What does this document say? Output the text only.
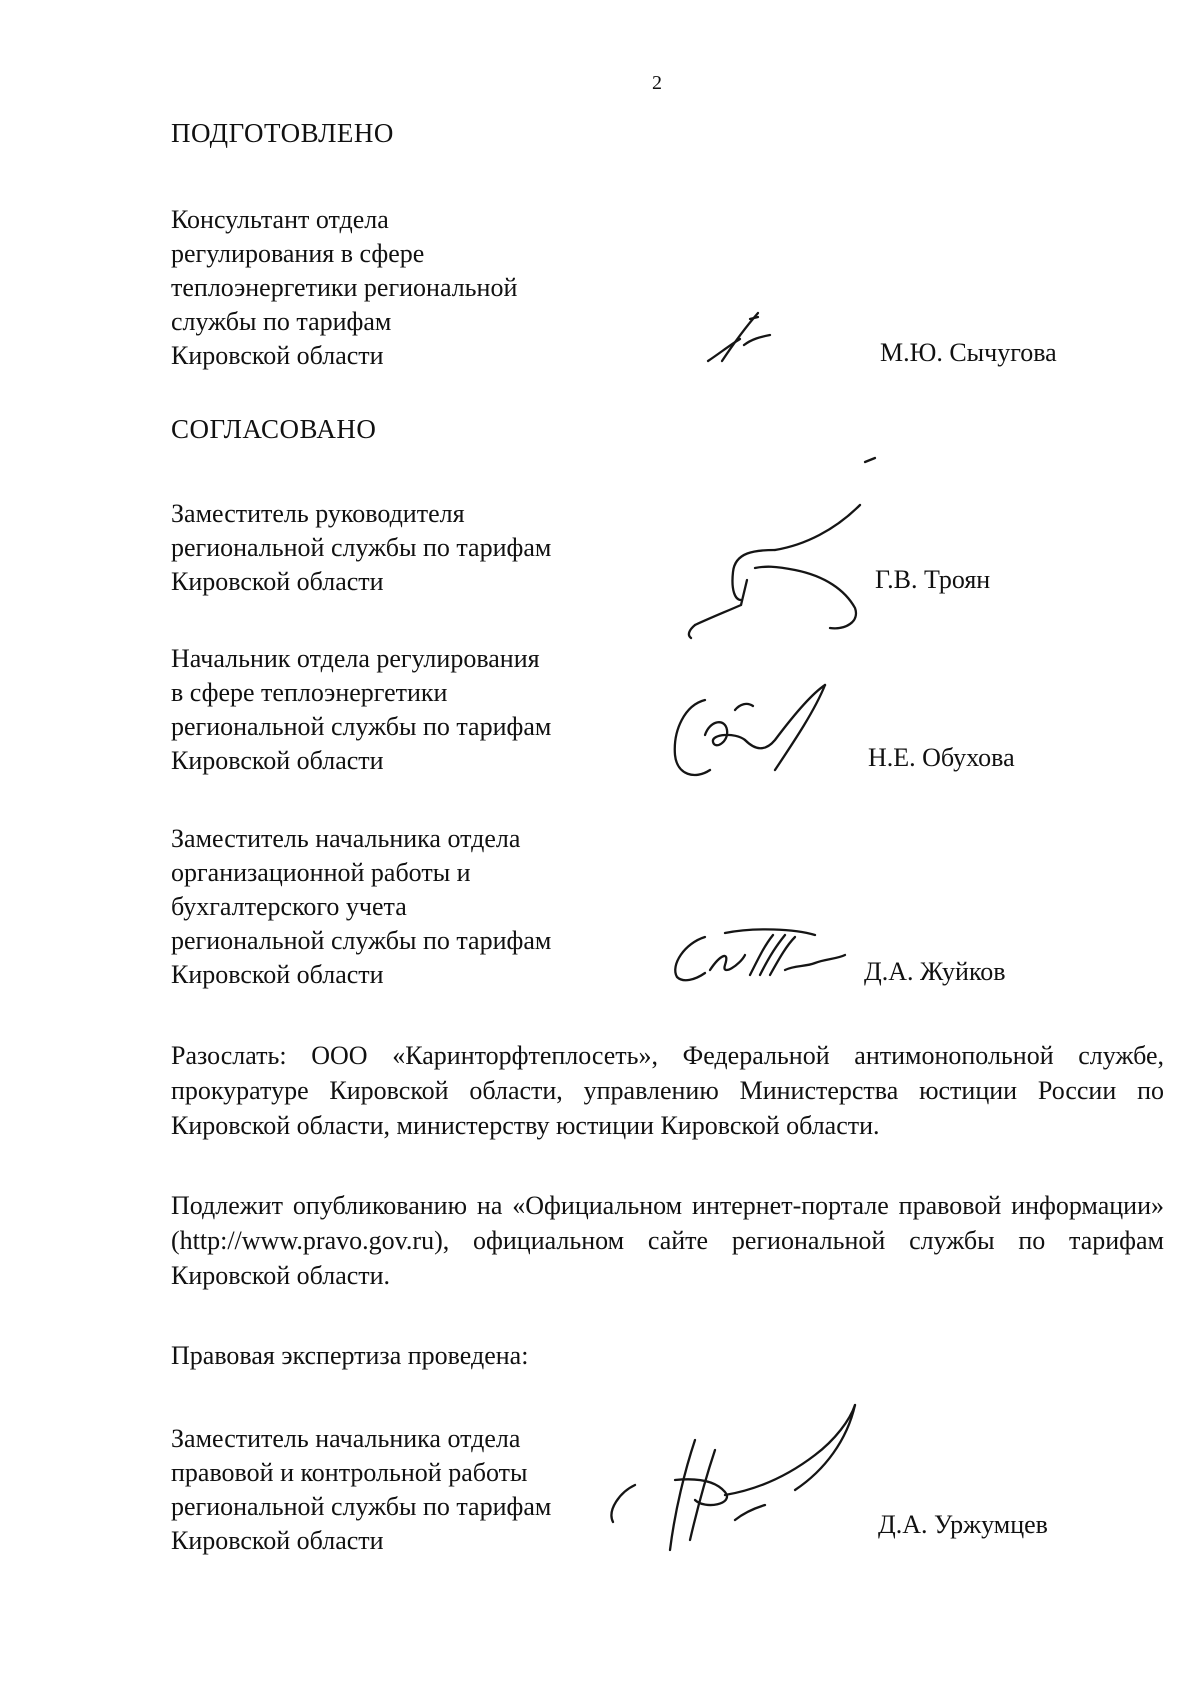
2
ПОДГОТОВЛЕНО
Консультант отдела
регулирования в сфере
теплоэнергетики региональной
службы по тарифам
Кировской области	М.Ю. Сычугова
СОГЛАСОВАНО
Заместитель руководителя
региональной службы по тарифам
Кировской области	Г.В. Троян
Начальник отдела регулирования
в сфере теплоэнергетики
региональной службы по тарифам
Кировской области	Н.Е. Обухова
Заместитель начальника отдела
организационной работы и
бухгалтерского учета
региональной службы по тарифам
Кировской области	Д.А. Жуйков
Разослать: ООО «Каринторфтеплосеть», Федеральной антимонопольной службе, прокуратуре Кировской области, управлению Министерства юстиции России по Кировской области, министерству юстиции Кировской области.
Подлежит опубликованию на «Официальном интернет-портале правовой информации» (http://www.pravo.gov.ru), официальном сайте региональной службы по тарифам Кировской области.
Правовая экспертиза проведена:
Заместитель начальника отдела
правовой и контрольной работы
региональной службы по тарифам
Кировской области
Д.А. Уржумцев
